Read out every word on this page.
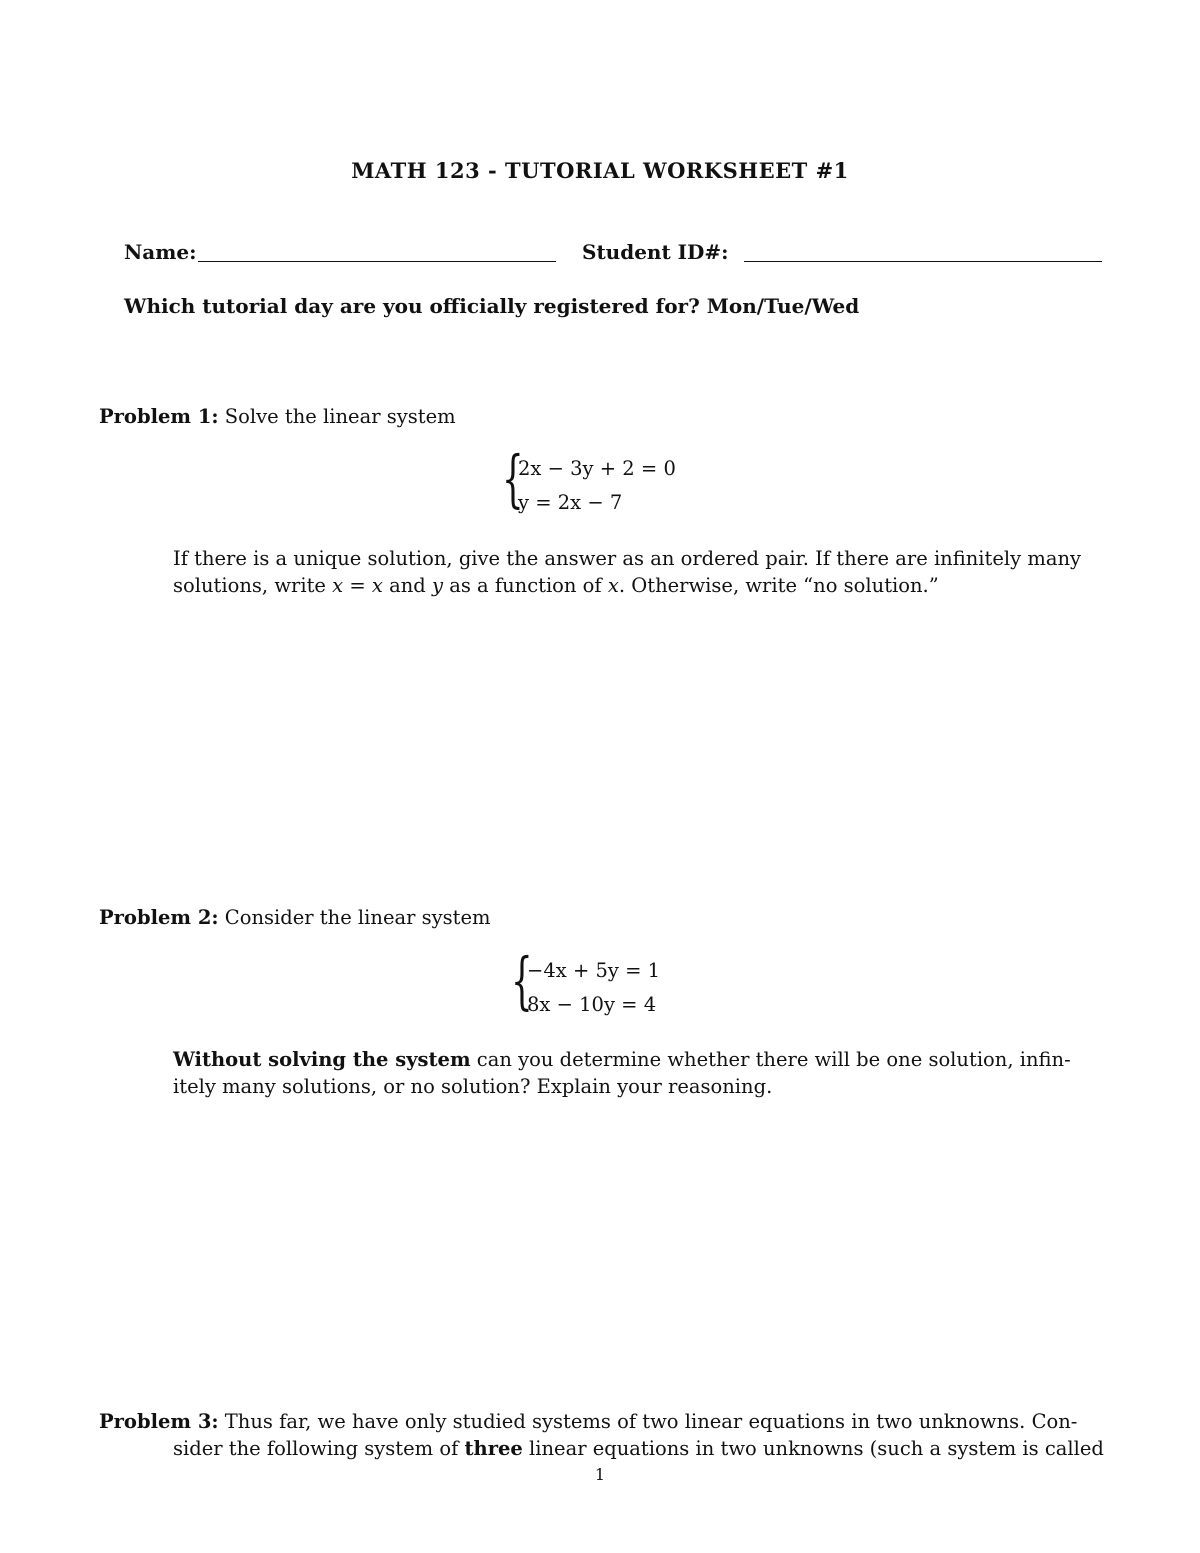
MATH 123 - TUTORIAL WORKSHEET #1
Name:	Student ID#:
Which tutorial day are you officially registered for? Mon/Tue/Wed
Problem 1: Solve the linear system
{
2x − 3y + 2 = 0
y = 2x − 7
If there is a unique solution, give the answer as an ordered pair. If there are infinitely many
solutions, write x = x and y as a function of x. Otherwise, write “no solution.”
Problem 2: Consider the linear system
{
−4x + 5y = 1
8x − 10y = 4
Without solving the system can you determine whether there will be one solution, infin-
itely many solutions, or no solution? Explain your reasoning.
Problem 3: Thus far, we have only studied systems of two linear equations in two unknowns. Con-
sider the following system of three linear equations in two unknowns (such a system is called
1
